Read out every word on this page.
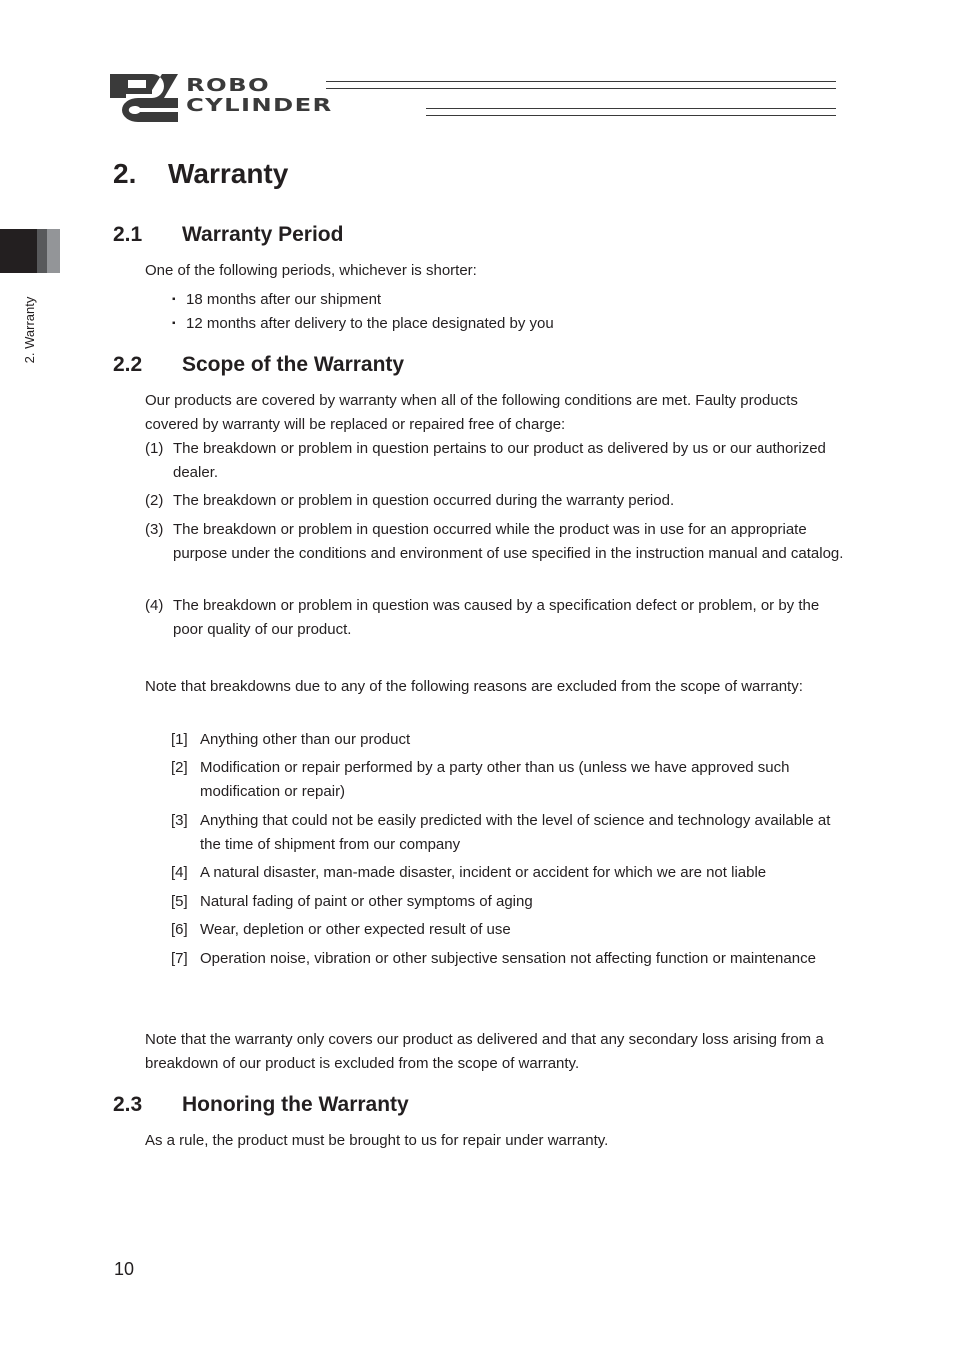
ROBO
CYLINDER
2. Warranty
2. Warranty
2.1 Warranty Period
One of the following periods, whichever is shorter:
▪ 18 months after our shipment
▪ 12 months after delivery to the place designated by you
2.2 Scope of the Warranty
Our products are covered by warranty when all of the following conditions are met. Faulty products covered by warranty will be replaced or repaired free of charge:
(1) The breakdown or problem in question pertains to our product as delivered by us or our authorized dealer.
(2) The breakdown or problem in question occurred during the warranty period.
(3) The breakdown or problem in question occurred while the product was in use for an appropriate purpose under the conditions and environment of use specified in the instruction manual and catalog.
(4) The breakdown or problem in question was caused by a specification defect or problem, or by the poor quality of our product.
Note that breakdowns due to any of the following reasons are excluded from the scope of warranty:
[1] Anything other than our product
[2] Modification or repair performed by a party other than us (unless we have approved such modification or repair)
[3] Anything that could not be easily predicted with the level of science and technology available at the time of shipment from our company
[4] A natural disaster, man-made disaster, incident or accident for which we are not liable
[5] Natural fading of paint or other symptoms of aging
[6] Wear, depletion or other expected result of use
[7] Operation noise, vibration or other subjective sensation not affecting function or maintenance
Note that the warranty only covers our product as delivered and that any secondary loss arising from a breakdown of our product is excluded from the scope of warranty.
2.3 Honoring the Warranty
As a rule, the product must be brought to us for repair under warranty.
10
